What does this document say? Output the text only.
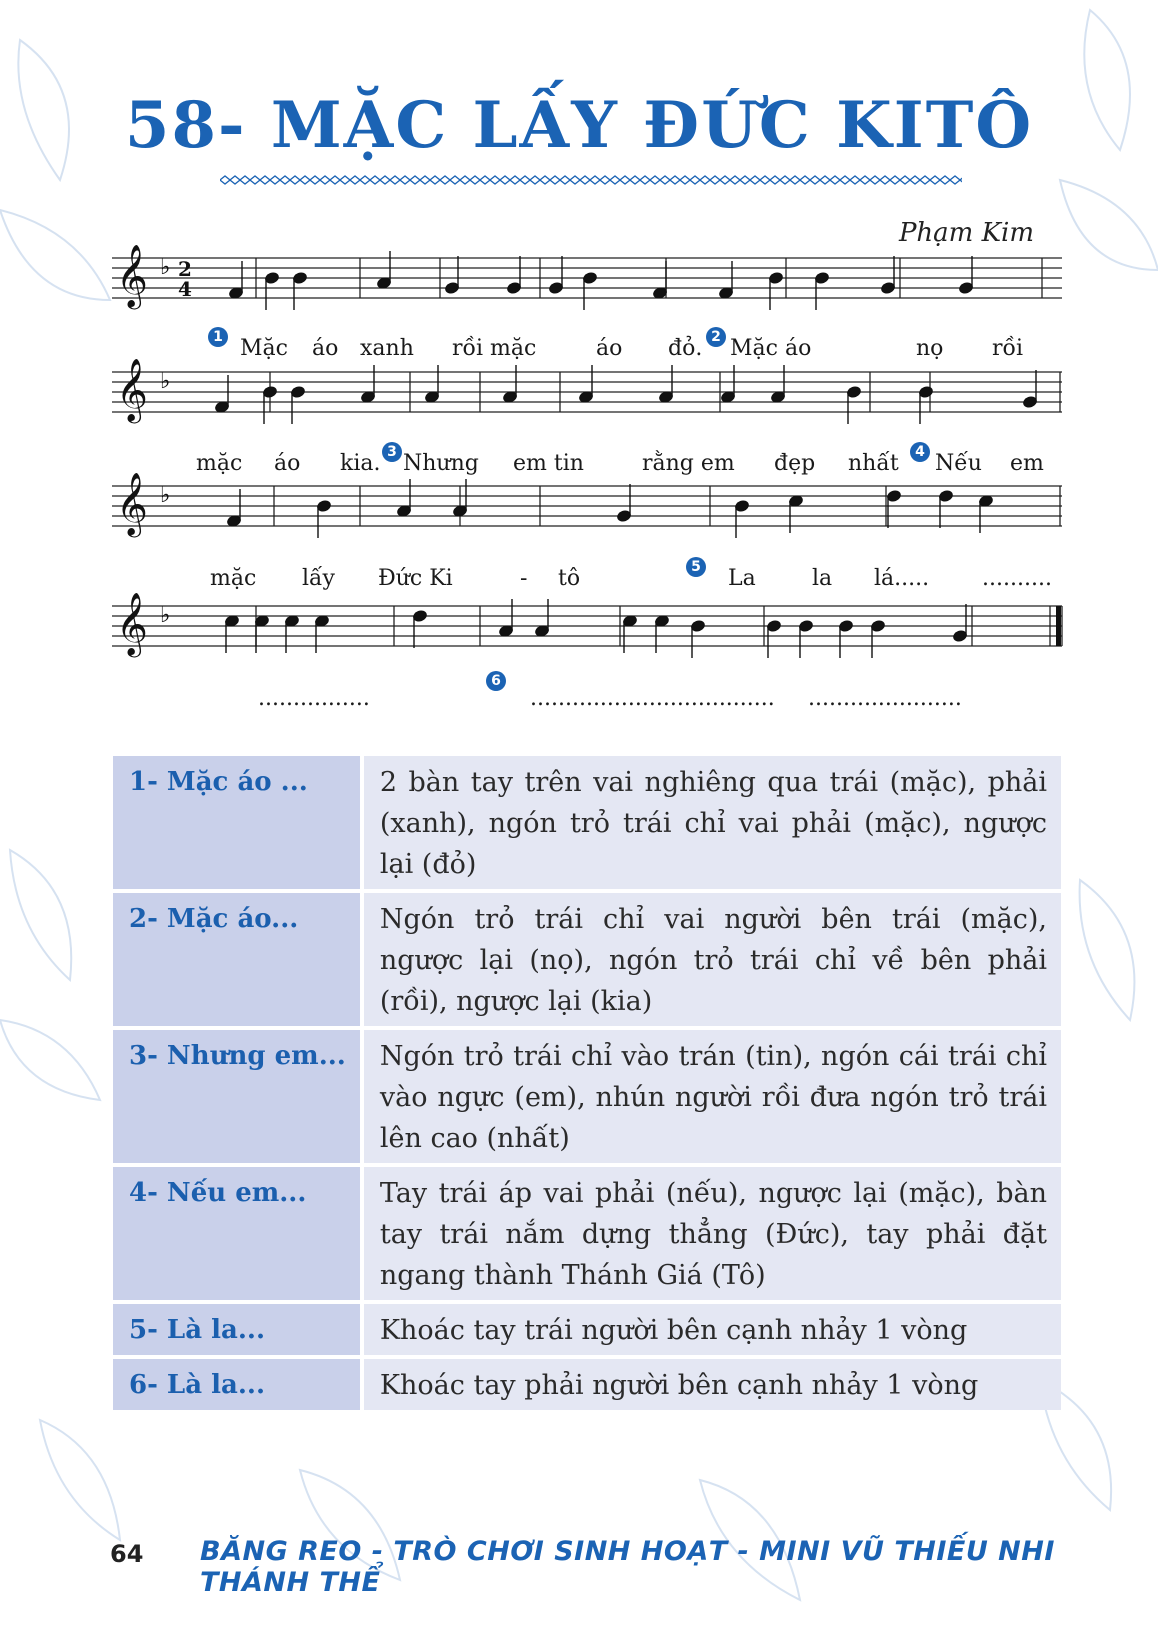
58- MẶC LẤY ĐỨC KITÔ
Phạm Kim
𝄞 ♭ 2
4
𝄞 ♭
𝄞 ♭
𝄞 ♭
1 Mặc áo xanh rồi mặc	áo đỏ. 2 Mặc áo	nọ rồi
mặc áo kia. 3 Nhưng em tin	rằng em đẹp nhất	4 Nếu em
mặc lấy Đức Ki	- tô	5 La	la lá..... ..........
................
6
................................... ......................
1- Mặc áo ...	2 bàn tay trên vai nghiêng qua trái (mặc), phải (xanh), ngón trỏ trái chỉ vai phải (mặc), ngược lại (đỏ)
2- Mặc áo...	Ngón trỏ trái chỉ vai người bên trái (mặc), ngược lại (nọ), ngón trỏ trái chỉ về bên phải (rồi), ngược lại (kia)
3- Nhưng em...	Ngón trỏ trái chỉ vào trán (tin), ngón cái trái chỉ vào ngực (em), nhún người rồi đưa ngón trỏ trái lên cao (nhất)
4- Nếu em...	Tay trái áp vai phải (nếu), ngược lại (mặc), bàn tay trái nắm dựng thẳng (Đức), tay phải đặt ngang thành Thánh Giá (Tô)
5- Là la...	Khoác tay trái người bên cạnh nhảy 1 vòng
6- Là la...	Khoác tay phải người bên cạnh nhảy 1 vòng
64 BĂNG REO - TRÒ CHƠI SINH HOẠT - MINI VŨ THIẾU NHI THÁNH THỂ
